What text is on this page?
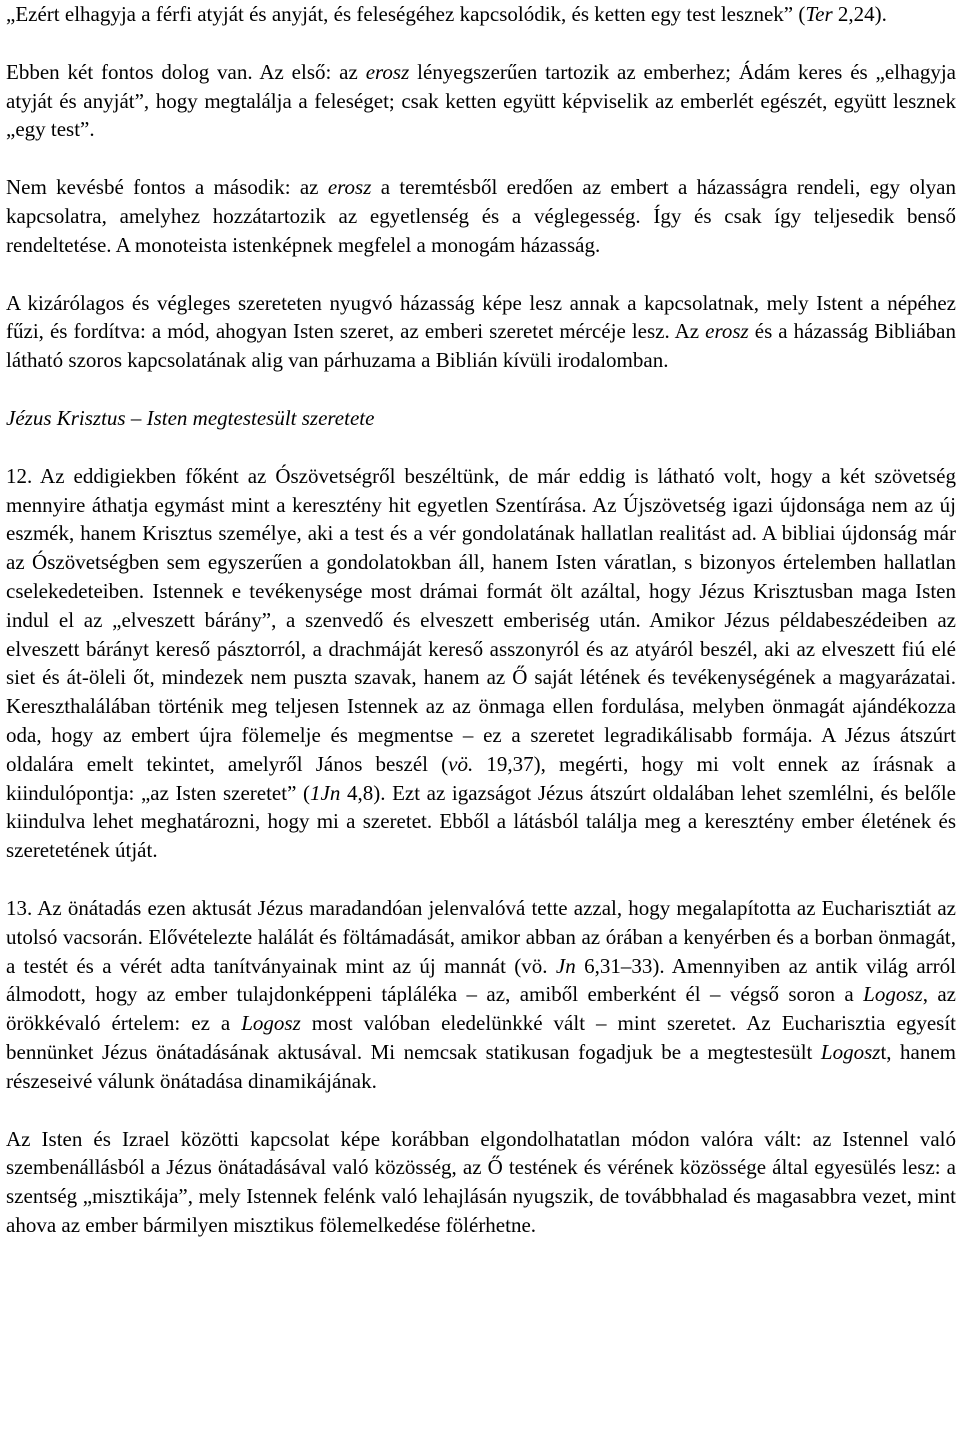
„Ezért elhagyja a férfi atyját és anyját, és feleségéhez kapcsolódik, és ketten egy test lesznek” (Ter 2,24).

Ebben két fontos dolog van. Az első: az erosz lényegszerűen tartozik az emberhez; Ádám keres és „elhagyja atyját és anyját”, hogy megtalálja a feleséget; csak ketten együtt képviselik az emberlét egészét, együtt lesznek „egy test”.

Nem kevésbé fontos a második: az erosz a teremtésből eredően az embert a házasságra rendeli, egy olyan kapcsolatra, amelyhez hozzátartozik az egyetlenség és a véglegesség. Így és csak így teljesedik benső rendeltetése. A monoteista istenképnek megfelel a monogám házasság.

A kizárólagos és végleges szereteten nyugvó házasság képe lesz annak a kapcsolatnak, mely Istent a népéhez fűzi, és fordítva: a mód, ahogyan Isten szeret, az emberi szeretet mércéje lesz. Az erosz és a házasság Bibliában látható szoros kapcsolatának alig van párhuzama a Biblián kívüli irodalomban.

Jézus Krisztus – Isten megtestesült szeretete

12. Az eddigiekben főként az Ószövetségről beszéltünk, de már eddig is látható volt, hogy a két szövetség mennyire áthatja egymást mint a keresztény hit egyetlen Szentírása. Az Újszövetség igazi újdonsága nem az új eszmék, hanem Krisztus személye, aki a test és a vér gondolatának hallatlan realitást ad. A bibliai újdonság már az Ószövetségben sem egyszerűen a gondolatokban áll, hanem Isten váratlan, s bizonyos értelemben hallatlan cselekedeteiben. Istennek e tevékenysége most drámai formát ölt azáltal, hogy Jézus Krisztusban maga Isten indul el az „elveszett bárány”, a szenvedő és elveszett emberiség után. Amikor Jézus példabeszédeiben az elveszett bárányt kereső pásztorról, a drachmáját kereső asszonyról és az atyáról beszél, aki az elveszett fiú elé siet és át-öleli őt, mindezek nem puszta szavak, hanem az Ő saját létének és tevékenységének a magyarázatai. Kereszthalálában történik meg teljesen Istennek az az önmaga ellen fordulása, melyben önmagát ajándékozza oda, hogy az embert újra fölemelje és megmentse – ez a szeretet legradikálisabb formája. A Jézus átszúrt oldalára emelt tekintet, amelyről János beszél (vö. 19,37), megérti, hogy mi volt ennek az írásnak a kiindulópontja: „az Isten szeretet” (1Jn 4,8). Ezt az igazságot Jézus átszúrt oldalában lehet szemlélni, és belőle kiindulva lehet meghatározni, hogy mi a szeretet. Ebből a látásból találja meg a keresztény ember életének és szeretetének útját.

13. Az önátadás ezen aktusát Jézus maradandóan jelenvalóvá tette azzal, hogy megalapította az Eucharisztiát az utolsó vacsorán. Elővételezte halálát és föltámadását, amikor abban az órában a kenyérben és a borban önmagát, a testét és a vérét adta tanítványainak mint az új mannát (vö. Jn 6,31–33). Amennyiben az antik világ arról álmodott, hogy az ember tulajdonképpeni tápláléka – az, amiből emberként él – végső soron a Logosz, az örökkévaló értelem: ez a Logosz most valóban eledelünkké vált – mint szeretet. Az Eucharisztia egyesít bennünket Jézus önátadásának aktusával. Mi nemcsak statikusan fogadjuk be a megtestesült Logoszt, hanem részeseivé válunk önátadása dinamikájának.

Az Isten és Izrael közötti kapcsolat képe korábban elgondolhatatlan módon valóra vált: az Istennel való szembenállásból a Jézus önátadásával való közösség, az Ő testének és vérének közössége által egyesülés lesz: a szentség „misztikája”, mely Istennek felénk való lehajlásán nyugszik, de továbbhalad és magasabbra vezet, mint ahova az ember bármilyen misztikus fölemelkedése fölérhetne.
